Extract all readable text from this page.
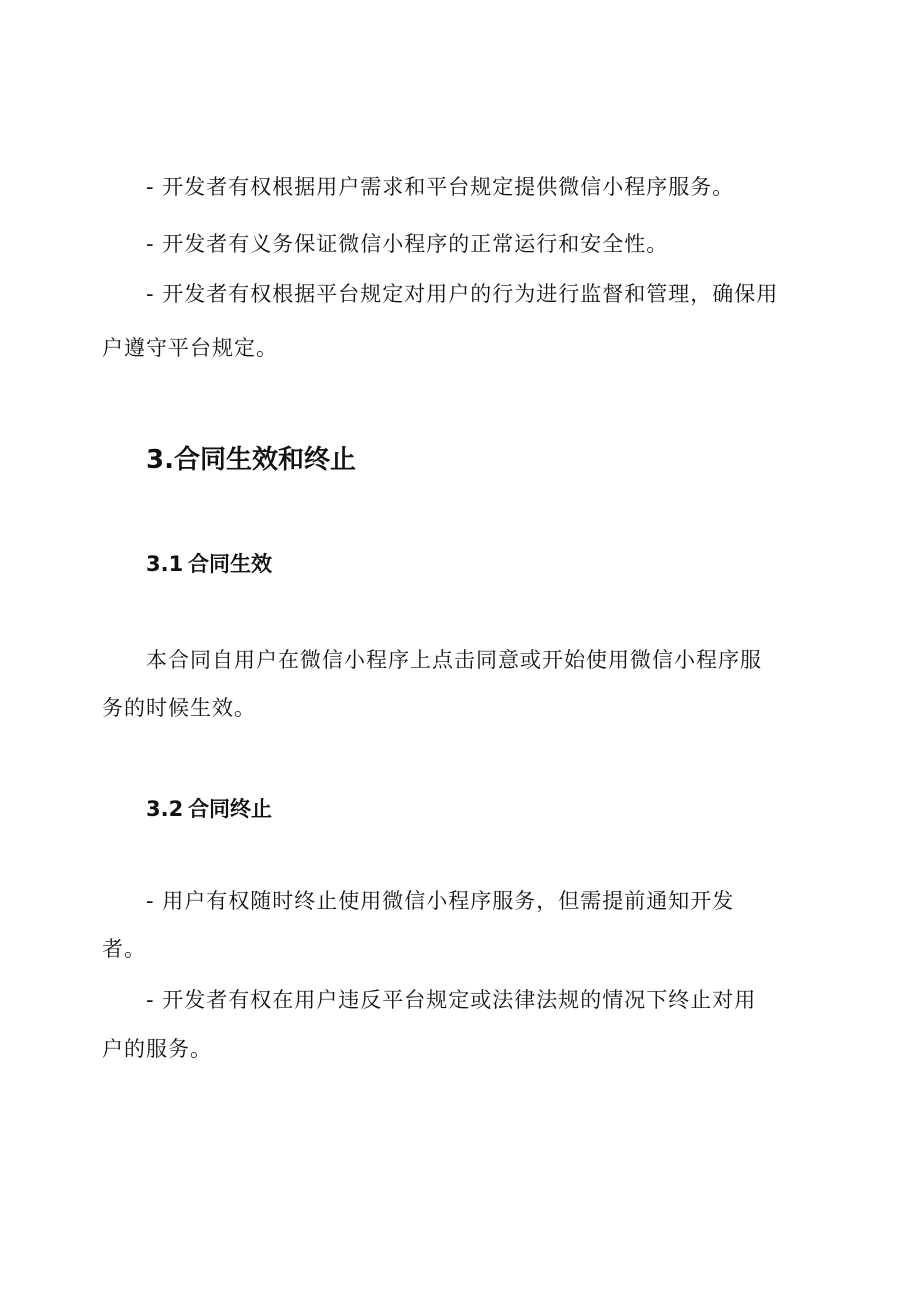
- 开发者有权根据用户需求和平台规定提供微信小程序服务。
- 开发者有义务保证微信小程序的正常运行和安全性。
- 开发者有权根据平台规定对用户的行为进行监督和管理，确保用
户遵守平台规定。
3.合同生效和终止
3.1 合同生效
本合同自用户在微信小程序上点击同意或开始使用微信小程序服
务的时候生效。
3.2 合同终止
- 用户有权随时终止使用微信小程序服务，但需提前通知开发
者。
- 开发者有权在用户违反平台规定或法律法规的情况下终止对用
户的服务。
